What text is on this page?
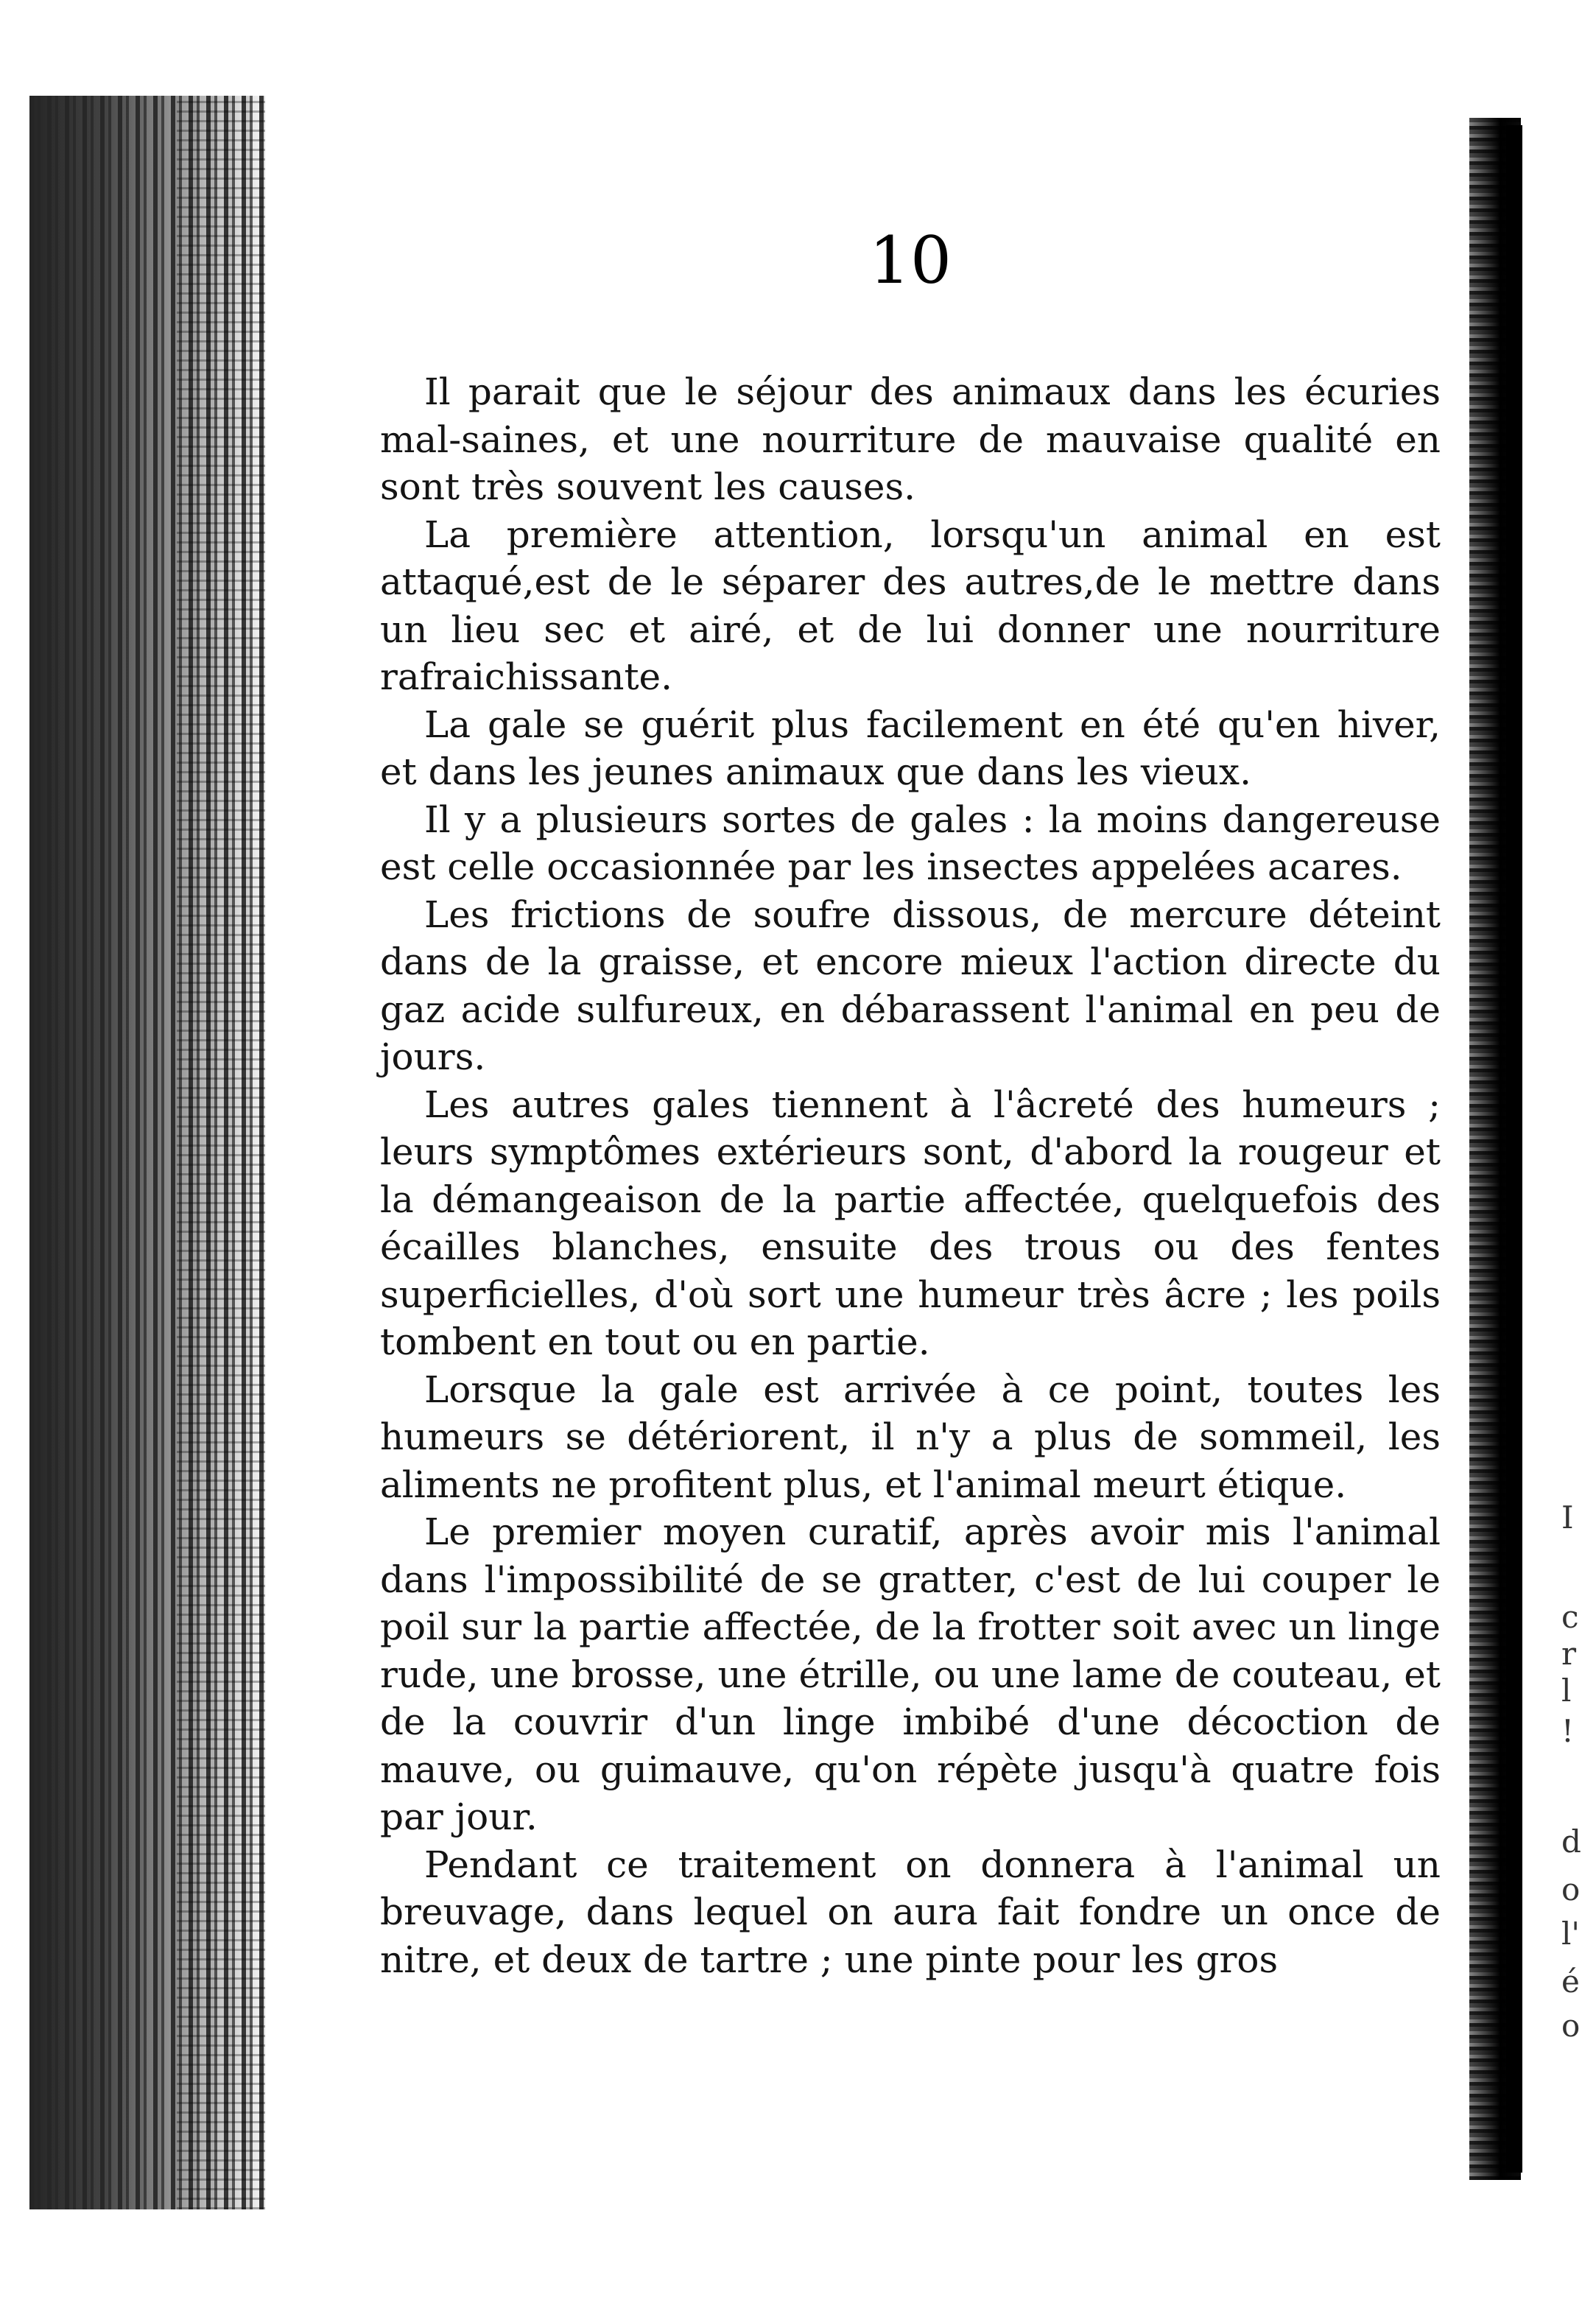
10

Il parait que le séjour des animaux dans les écuries mal-saines, et une nourriture de mauvaise qualité en sont très souvent les causes.

La première attention, lorsqu'un animal en est attaqué,est de le séparer des autres,de le mettre dans un lieu sec et airé, et de lui donner une nourriture rafraichissante.

La gale se guérit plus facilement en été qu'en hiver, et dans les jeunes animaux que dans les vieux.

Il y a plusieurs sortes de gales : la moins dangereuse est celle occasionnée par les insectes appelées acares.

Les frictions de soufre dissous, de mercure déteint dans de la graisse, et encore mieux l'action directe du gaz acide sulfureux, en débarassent l'animal en peu de jours.

Les autres gales tiennent à l'âcreté des humeurs ; leurs symptômes extérieurs sont, d'abord la rougeur et la démangeaison de la partie affectée, quelquefois des écailles blanches, ensuite des trous ou des fentes superficielles, d'où sort une humeur très âcre ; les poils tombent en tout ou en partie.

Lorsque la gale est arrivée à ce point, toutes les humeurs se détériorent, il n'y a plus de sommeil, les aliments ne profitent plus, et l'animal meurt étique.

Le premier moyen curatif, après avoir mis l'animal dans l'impossibilité de se gratter, c'est de lui couper le poil sur la partie affectée, de la frotter soit avec un linge rude, une brosse, une étrille, ou une lame de couteau, et de la couvrir d'un linge imbibé d'une décoction de mauve, ou guimauve, qu'on répète jusqu'à quatre fois par jour.

Pendant ce traitement on donnera à l'animal un breuvage, dans lequel on aura fait fondre un once de nitre, et deux de tartre ; une pinte pour les gros

I
c
r
l
!
d
o
l'
é
o
